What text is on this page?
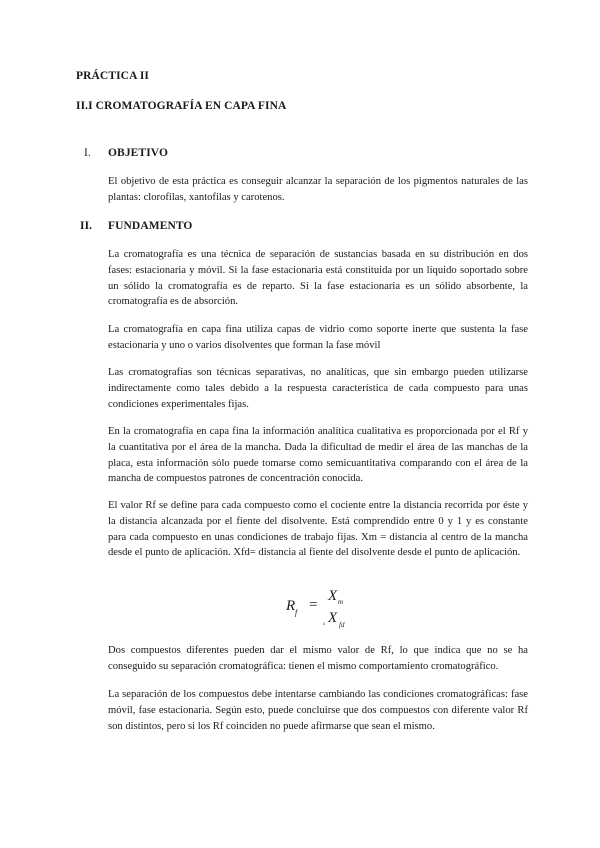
PRÁCTICA II
II.I CROMATOGRAFÍA EN CAPA FINA
I. OBJETIVO

El objetivo de esta práctica es conseguir alcanzar la separación de los pigmentos naturales de las plantas: clorofilas, xantofilas y carotenos.

II. FUNDAMENTO

La cromatografía es una técnica de separación de sustancias basada en su distribución en dos fases: estacionaria y móvil. Si la fase estacionaria está constituida por un líquido soportado sobre un sólido la cromatografía es de reparto. Si la fase estacionaria es un sólido absorbente, la cromatografía es de absorción.

La cromatografía en capa fina utiliza capas de vidrio como soporte inerte que sustenta la fase estacionaria y uno o varios disolventes que forman la fase móvil

Las cromatografías son técnicas separativas, no analíticas, que sin embargo pueden utilizarse indirectamente como tales debido a la respuesta característica de cada compuesto para unas condiciones experimentales fijas.

En la cromatografía en capa fina la información analítica cualitativa es proporcionada por el Rf y la cuantitativa por el área de la mancha. Dada la dificultad de medir el área de las manchas de la placa, esta información sólo puede tomarse como semicuantitativa comparando con el área de la mancha de compuestos patrones de concentración conocida.

El valor Rf se define para cada compuesto como el cociente entre la distancia recorrida por éste y la distancia alcanzada por el fiente del disolvente. Está comprendido entre 0 y 1 y es constante para cada compuesto en unas condiciones de trabajo fijas. Xm = distancia al centro de la mancha desde el punto de aplicación. Xfd= distancia al fiente del disolvente desde el punto de aplicación.

R f =
X m
s X fd

Dos compuestos diferentes pueden dar el mismo valor de Rf, lo que indica que no se ha conseguido su separación cromatográfica: tienen el mismo comportamiento cromatográfico.

La separación de los compuestos debe intentarse cambiando las condiciones cromatográficas: fase móvil, fase estacionaria. Según esto, puede concluirse que dos compuestos con diferente valor Rf son distintos, pero si los Rf coinciden no puede afirmarse que sean el mismo.
